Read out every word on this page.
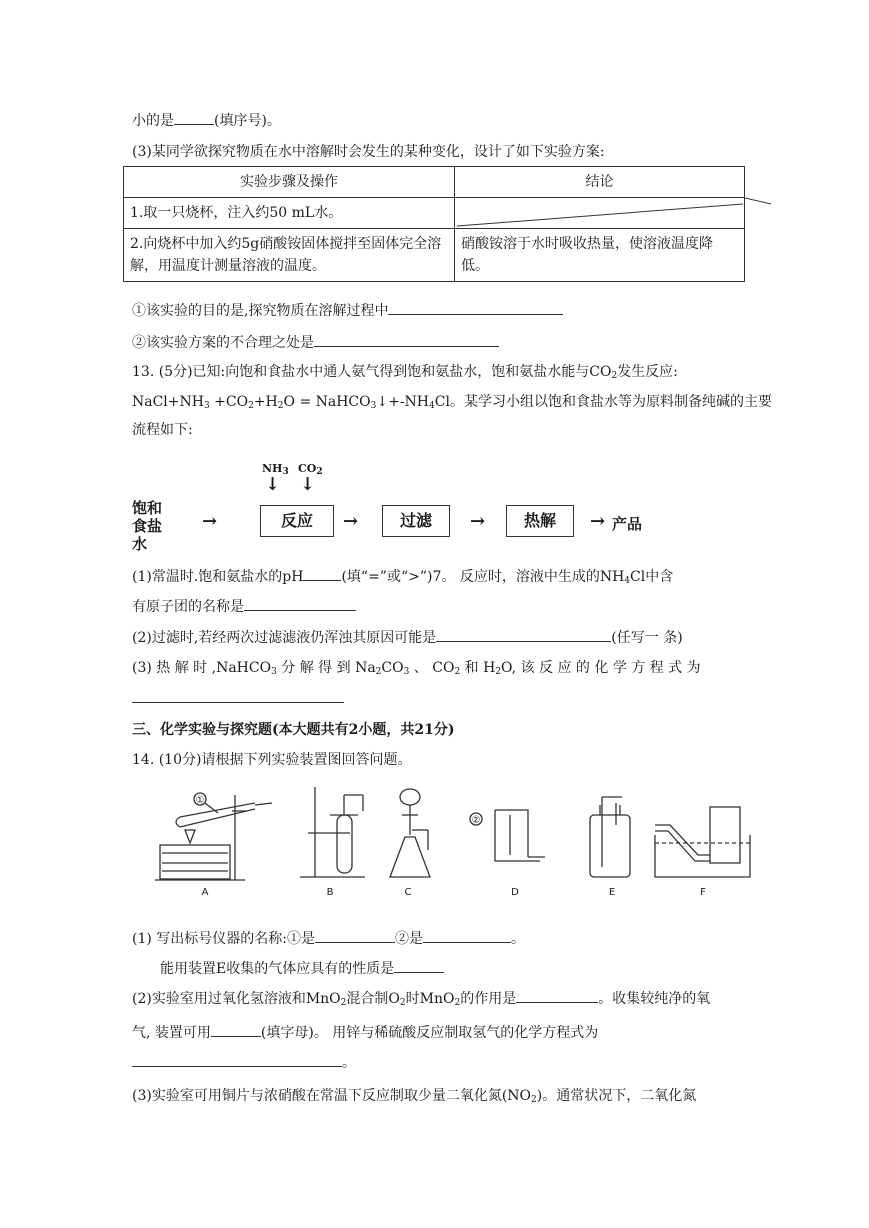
小的是	(填序号)。
(3)某同学欲探究物质在水中溶解时会发生的某种变化，设计了如下实验方案:
实验步骤及操作	结论
1.取一只烧杯，注入约50 mL水。	

2.向烧杯中加入约5g硝酸铵固体搅拌至固体完全溶解，用温度计测量溶液的温度。	硝酸铵溶于水时吸收热量，使溶液温度降低。
①该实验的目的是,探究物质在溶解过程中
②该实验方案的不合理之处是
13. (5分)已知:向饱和食盐水中通人氨气得到饱和氨盐水，饱和氨盐水能与$CO_2$发生反应:
$NaCl+NH_3 +CO_2+H_2O$ = $NaHCO_3↓+-NH_4Cl$。某学习小组以饱和食盐水等为原料制备纯碱的主要
流程如下:
$NH_3$ $CO_2$
↓ ↓
饱和食盐水
→	反应	→	过滤	→	热解	→ 产品
(1)常温时.饱和氨盐水的pH	(填“=”或“>”)7。 反应时，溶液中生成的$NH_4Cl$中含
有原子团的名称是
(2)过滤时,若经两次过滤滤液仍浑浊其原因可能是	(任写一 条)
(3) 热 解 时 ,NaHCO$_3$ 分 解 得 到 $Na_2CO_3$ 、 $CO_2$ 和 $H_2O$, 该 反 应 的 化 学 方 程 式 为
三、化学实验与探究题(本大题共有2小题，共21分)
14. (10分)请根据下列实验装置图回答问题。
①
②
A	B	C	D	E	F
(1) 写出标号仪器的名称:①是	②是	。
能用装置E收集的气体应具有的性质是
(2)实验室用过氧化氢溶液和MnO$_2$混合制$O_2$时MnO$_2$的作用是	。收集较纯净的氧
气, 装置可用	(填字母)。 用锌与稀硫酸反应制取氢气的化学方程式为
。
(3)实验室可用铜片与浓硝酸在常温下反应制取少量二氧化氮$(NO_2)$。通常状况下，二氧化氮
